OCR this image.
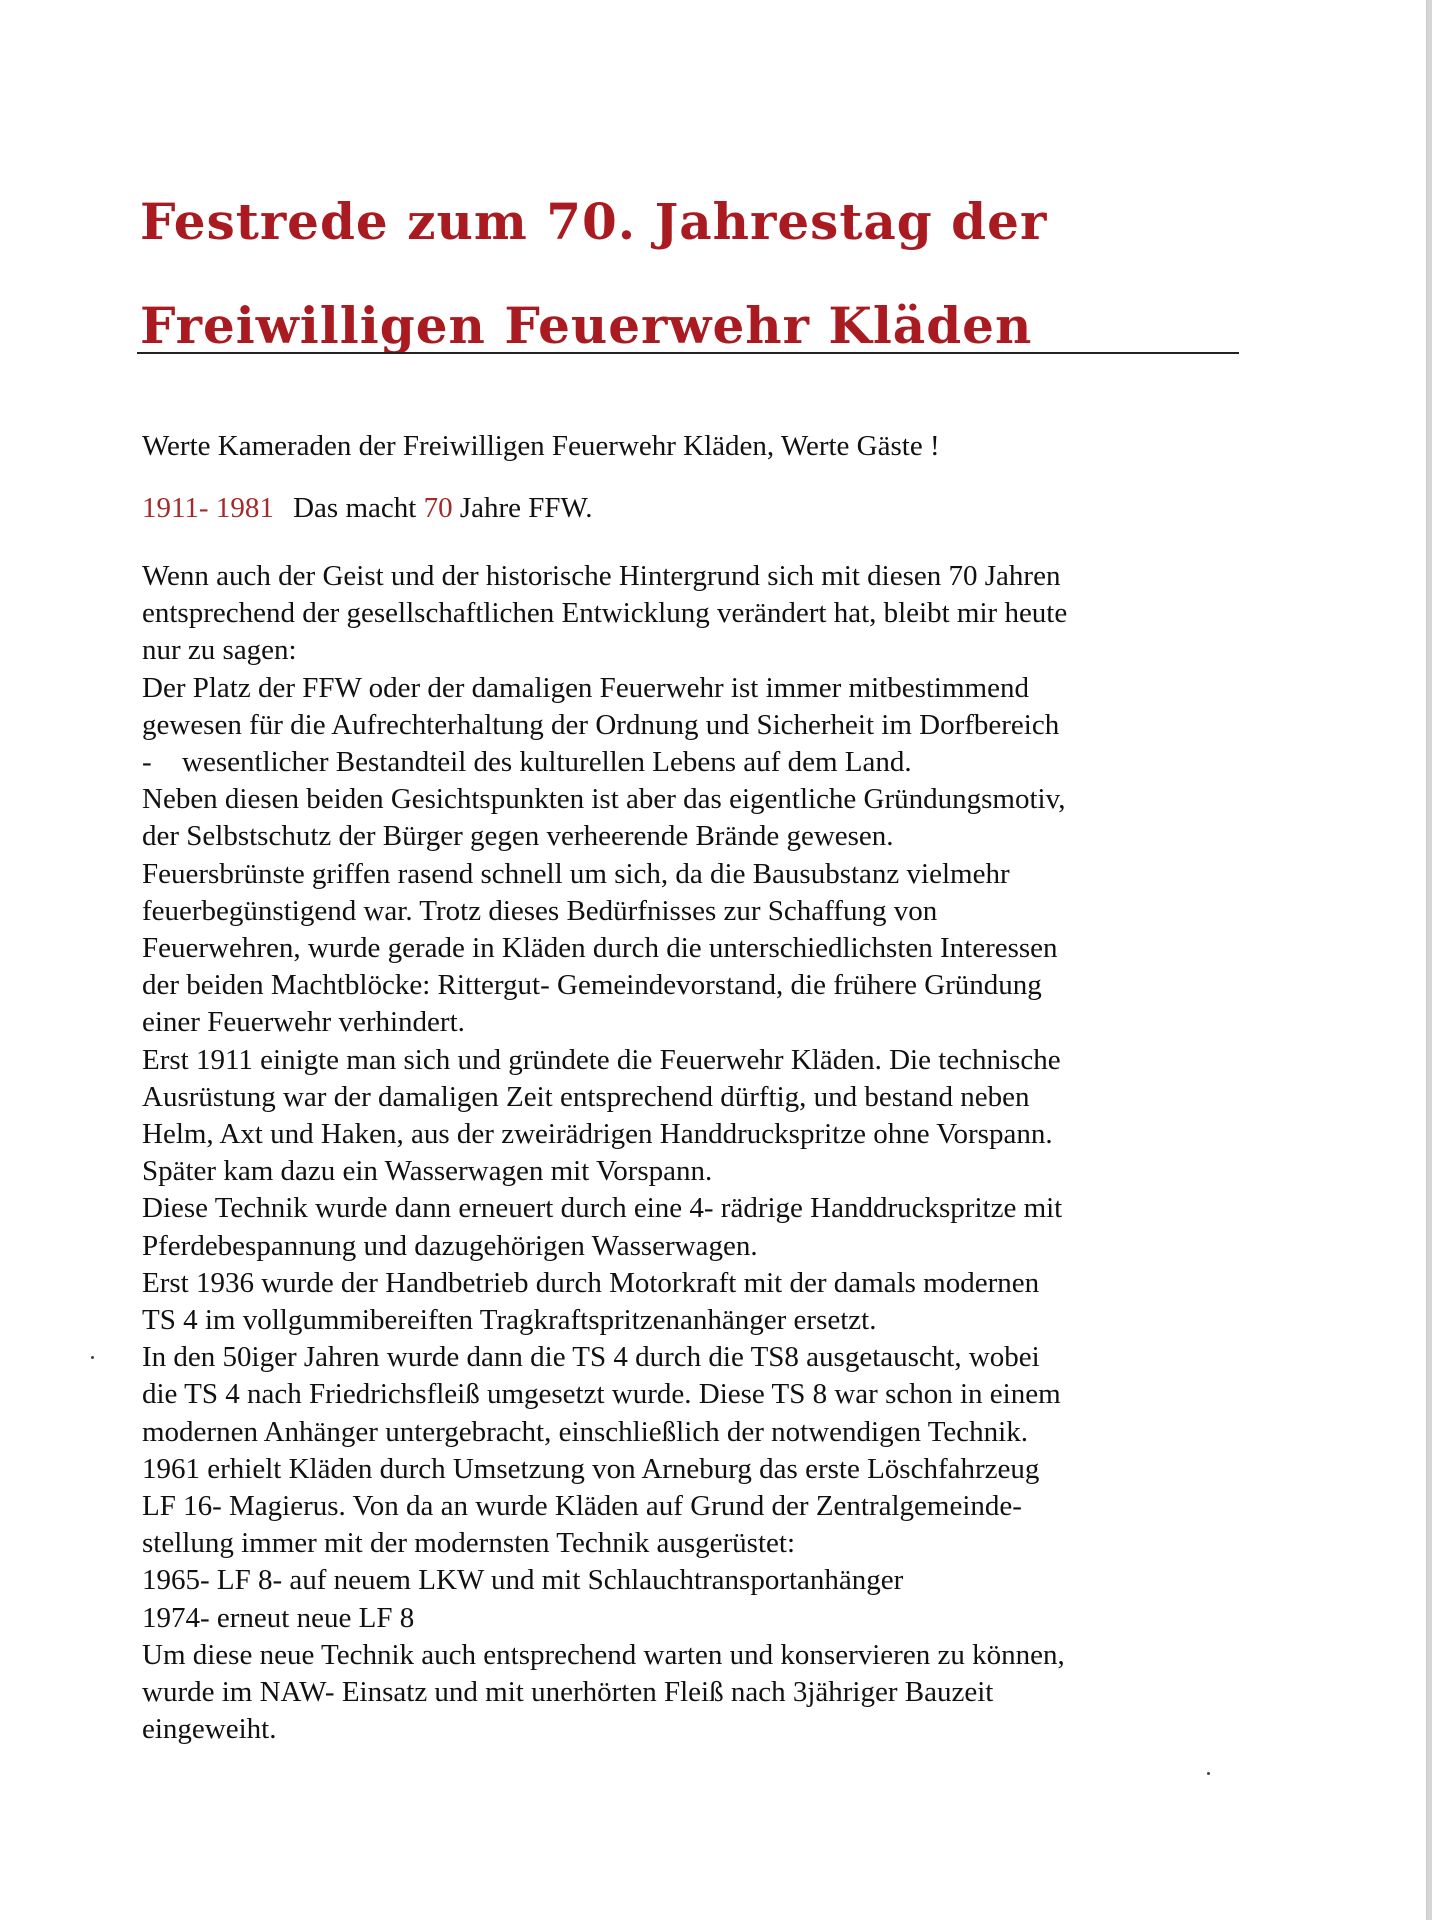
Festrede zum 70. Jahrestag der
Freiwilligen Feuerwehr Kläden

Werte Kameraden der Freiwilligen Feuerwehr Kläden, Werte Gäste !

1911- 1981 Das macht 70 Jahre FFW.

Wenn auch der Geist und der historische Hintergrund sich mit diesen 70 Jahren
entsprechend der gesellschaftlichen Entwicklung verändert hat, bleibt mir heute
nur zu sagen:
Der Platz der FFW oder der damaligen Feuerwehr ist immer mitbestimmend
gewesen für die Aufrechterhaltung der Ordnung und Sicherheit im Dorfbereich
- wesentlicher Bestandteil des kulturellen Lebens auf dem Land.
Neben diesen beiden Gesichtspunkten ist aber das eigentliche Gründungsmotiv,
der Selbstschutz der Bürger gegen verheerende Brände gewesen.
Feuersbrünste griffen rasend schnell um sich, da die Bausubstanz vielmehr
feuerbegünstigend war. Trotz dieses Bedürfnisses zur Schaffung von
Feuerwehren, wurde gerade in Kläden durch die unterschiedlichsten Interessen
der beiden Machtblöcke: Rittergut- Gemeindevorstand, die frühere Gründung
einer Feuerwehr verhindert.
Erst 1911 einigte man sich und gründete die Feuerwehr Kläden. Die technische
Ausrüstung war der damaligen Zeit entsprechend dürftig, und bestand neben
Helm, Axt und Haken, aus der zweirädrigen Handdruckspritze ohne Vorspann.
Später kam dazu ein Wasserwagen mit Vorspann.
Diese Technik wurde dann erneuert durch eine 4- rädrige Handdruckspritze mit
Pferdebespannung und dazugehörigen Wasserwagen.
Erst 1936 wurde der Handbetrieb durch Motorkraft mit der damals modernen
TS 4 im vollgummibereiften Tragkraftspritzenanhänger ersetzt.
In den 50iger Jahren wurde dann die TS 4 durch die TS8 ausgetauscht, wobei
die TS 4 nach Friedrichsfleiß umgesetzt wurde. Diese TS 8 war schon in einem
modernen Anhänger untergebracht, einschließlich der notwendigen Technik.
1961 erhielt Kläden durch Umsetzung von Arneburg das erste Löschfahrzeug
LF 16- Magierus. Von da an wurde Kläden auf Grund der Zentralgemeinde-
stellung immer mit der modernsten Technik ausgerüstet:
1965- LF 8- auf neuem LKW und mit Schlauchtransportanhänger
1974- erneut neue LF 8
Um diese neue Technik auch entsprechend warten und konservieren zu können,
wurde im NAW- Einsatz und mit unerhörten Fleiß nach 3jähriger Bauzeit
eingeweiht.
